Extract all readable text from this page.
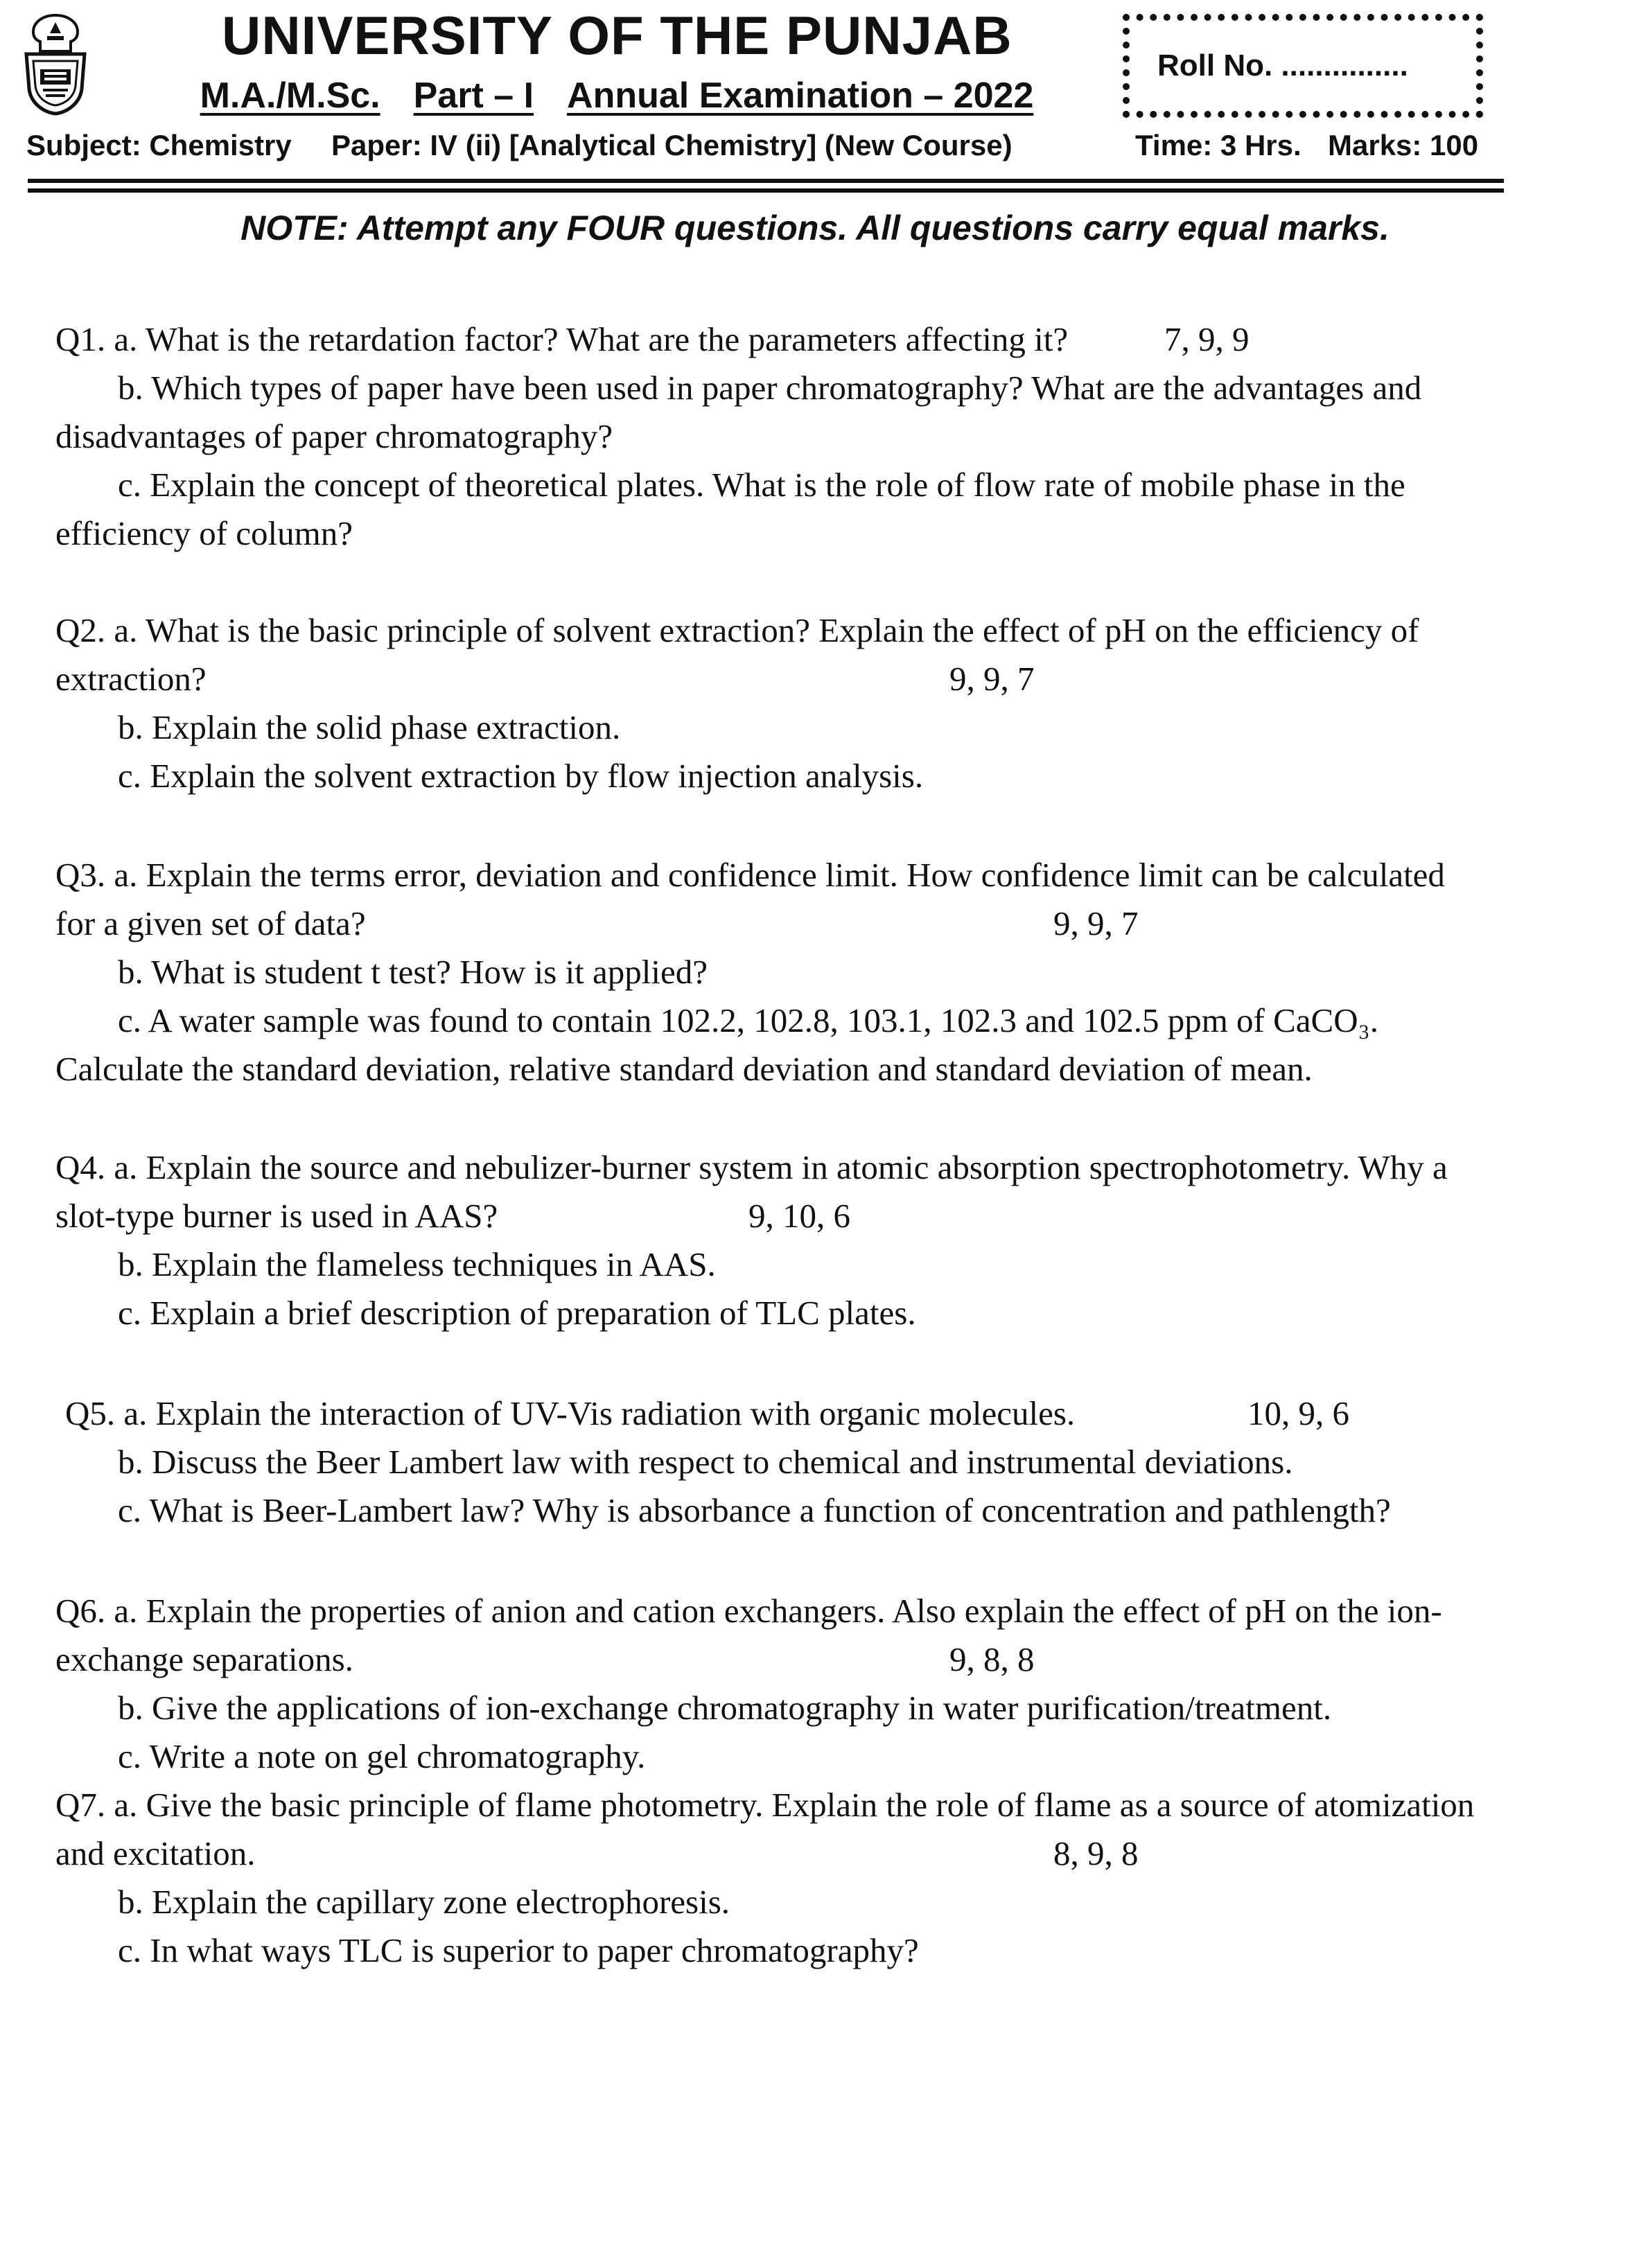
UNIVERSITY OF THE PUNJAB
M.A./M.Sc. Part – I Annual Examination – 2022
Roll No. ...............
Subject: Chemistry Paper: IV (ii) [Analytical Chemistry] (New Course)	Time: 3 Hrs. Marks: 100
NOTE: Attempt any FOUR questions. All questions carry equal marks.
Q1. a. What is the retardation factor? What are the parameters affecting it?	7, 9, 9
b. Which types of paper have been used in paper chromatography? What are the advantages and
disadvantages of paper chromatography?
c. Explain the concept of theoretical plates. What is the role of flow rate of mobile phase in the
efficiency of column?
Q2. a. What is the basic principle of solvent extraction? Explain the effect of pH on the efficiency of
extraction?	9, 9, 7
b. Explain the solid phase extraction.
c. Explain the solvent extraction by flow injection analysis.
Q3. a. Explain the terms error, deviation and confidence limit. How confidence limit can be calculated
for a given set of data?	9, 9, 7
b. What is student t test? How is it applied?
c. A water sample was found to contain 102.2, 102.8, 103.1, 102.3 and 102.5 ppm of CaCO₃.
Calculate the standard deviation, relative standard deviation and standard deviation of mean.
Q4. a. Explain the source and nebulizer-burner system in atomic absorption spectrophotometry. Why a
slot-type burner is used in AAS?	9, 10, 6
b. Explain the flameless techniques in AAS.
c. Explain a brief description of preparation of TLC plates.
Q5. a. Explain the interaction of UV-Vis radiation with organic molecules.	10, 9, 6
b. Discuss the Beer Lambert law with respect to chemical and instrumental deviations.
c. What is Beer-Lambert law? Why is absorbance a function of concentration and pathlength?
Q6. a. Explain the properties of anion and cation exchangers. Also explain the effect of pH on the ion-
exchange separations.	9, 8, 8
b. Give the applications of ion-exchange chromatography in water purification/treatment.
c. Write a note on gel chromatography.
Q7. a. Give the basic principle of flame photometry. Explain the role of flame as a source of atomization
and excitation.	8, 9, 8
b. Explain the capillary zone electrophoresis.
c. In what ways TLC is superior to paper chromatography?
